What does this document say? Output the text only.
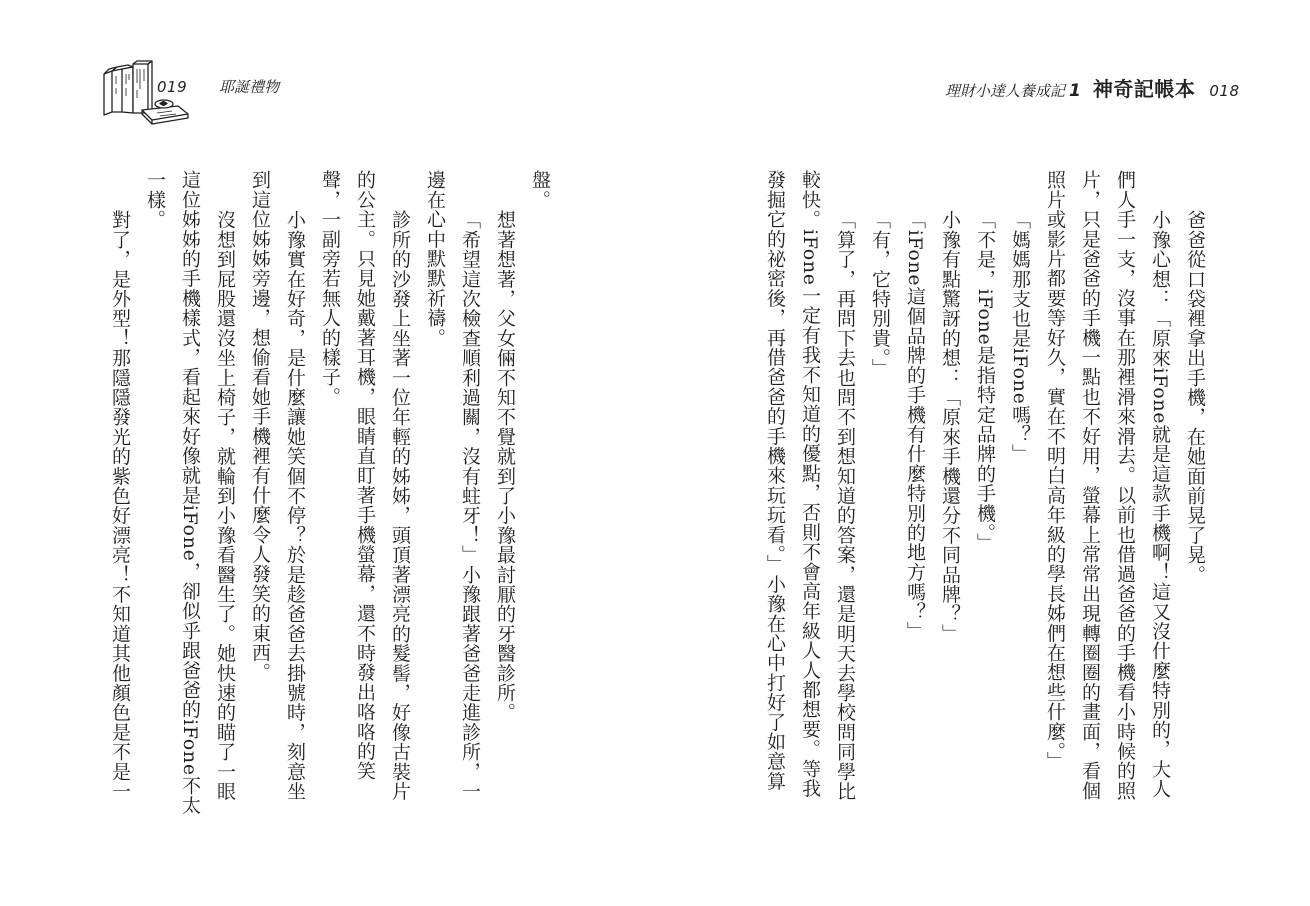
019 耶誕禮物	理財小達人養成記 1 神奇記帳本 018
爸爸從口袋裡拿出手機，在她面前晃了晃。
小豫心想：「原來iFone就是這款手機啊！這又沒什麼特別的，大人
們人手一支，沒事在那裡滑來滑去。以前也借過爸爸的手機看小時候的照
片，只是爸爸的手機一點也不好用，螢幕上常常出現轉圈圈的畫面，看個
照片或影片都要等好久，實在不明白高年級的學長姊們在想些什麼。」
「媽媽那支也是iFone嗎？」
「不是，iFone是指特定品牌的手機。」
小豫有點驚訝的想：「原來手機還分不同品牌？」
「iFone這個品牌的手機有什麼特別的地方嗎？」
「有，它特別貴。」
「算了，再問下去也問不到想知道的答案，還是明天去學校問同學比
較快。iFone一定有我不知道的優點，否則不會高年級人人都想要。等我
發掘它的祕密後，再借爸爸的手機來玩玩看。」小豫在心中打好了如意算
盤。
想著想著，父女倆不知不覺就到了小豫最討厭的牙醫診所。
「希望這次檢查順利過關，沒有蛀牙！」小豫跟著爸爸走進診所，一
邊在心中默默祈禱。
診所的沙發上坐著一位年輕的姊姊，頭頂著漂亮的髮髻，好像古裝片
的公主。只見她戴著耳機，眼睛直盯著手機螢幕，還不時發出咯咯的笑
聲，一副旁若無人的樣子。
小豫實在好奇，是什麼讓她笑個不停？於是趁爸爸去掛號時，刻意坐
到這位姊姊旁邊，想偷看她手機裡有什麼令人發笑的東西。
沒想到屁股還沒坐上椅子，就輪到小豫看醫生了。她快速的瞄了一眼
這位姊姊的手機樣式，看起來好像就是iFone，卻似乎跟爸爸的iFone不太
一樣。
對了，是外型！那隱隱發光的紫色好漂亮！不知道其他顏色是不是一
